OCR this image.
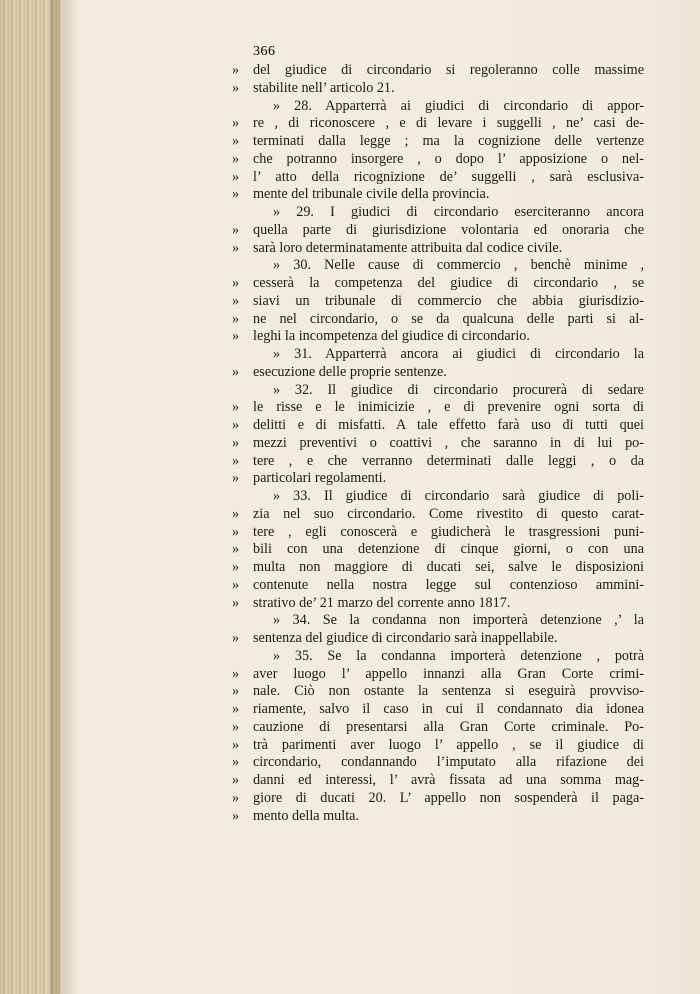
366
» del giudice di circondario si regoleranno colle massime
» stabilite nell’ articolo 21.
» 28. Apparterrà ai giudici di circondario di appor-
» re , di riconoscere , e di levare i suggelli , ne’ casi de-
» terminati dalla legge ; ma la cognizione delle vertenze
» che potranno insorgere , o dopo l’ apposizione o nel-
» l’ atto della ricognizione de’ suggelli , sarà esclusiva-
» mente del tribunale civile della provincia.
» 29. I giudici di circondario eserciteranno ancora
» quella parte di giurisdizione volontaria ed onoraria che
» sarà loro determinatamente attribuita dal codice civile.
» 30. Nelle cause di commercio , benchè minime ,
» cesserà la competenza del giudice di circondario , se
» siavi un tribunale di commercio che abbia giurisdizio-
» ne nel circondario, o se da qualcuna delle parti si al-
» leghi la incompetenza del giudice di circondario.
» 31. Apparterrà ancora ai giudici di circondario la
» esecuzione delle proprie sentenze.
» 32. Il giudice di circondario procurerà di sedare
» le risse e le inimicizie , e di prevenire ogni sorta di
» delitti e di misfatti. A tale effetto farà uso di tutti quei
» mezzi preventivi o coattivi , che saranno in di lui po-
» tere , e che verranno determinati dalle leggi , o da
» particolari regolamenti.
» 33. Il giudice di circondario sarà giudice di poli-
» zia nel suo circondario. Come rivestito di questo carat-
» tere , egli conoscerà e giudicherà le trasgressioni puni-
» bili con una detenzione di cinque giorni, o con una
» multa non maggiore di ducati sei, salve le disposizioni
» contenute nella nostra legge sul contenzioso ammini-
» strativo de’ 21 marzo del corrente anno 1817.
» 34. Se la condanna non importerà detenzione ,’ la
» sentenza del giudice di circondario sarà inappellabile.
» 35. Se la condanna importerà detenzione , potrà
» aver luogo l’ appello innanzi alla Gran Corte crimi-
» nale. Ciò non ostante la sentenza si eseguirà provviso-
» riamente, salvo il caso in cui il condannato dia idonea
» cauzione di presentarsi alla Gran Corte criminale. Po-
» trà parimenti aver luogo l’ appello , se il giudice di
» circondario, condannando l’imputato alla rifazione dei
» danni ed interessi, l’ avrà fissata ad una somma mag-
» giore di ducati 20. L’ appello non sospenderà il paga-
» mento della multa.
